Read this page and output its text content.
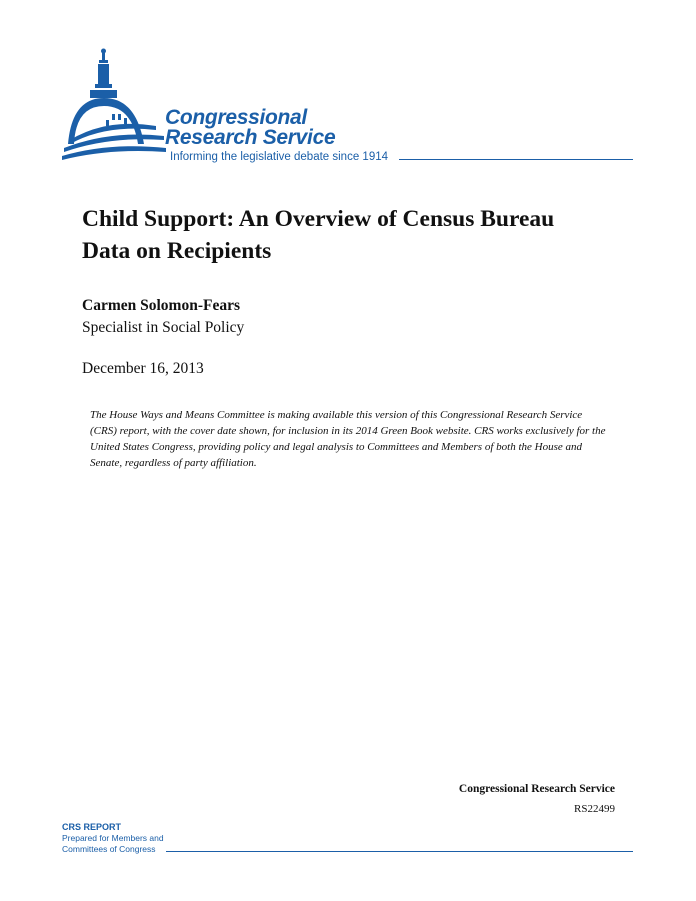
Congressional
Research Service
Informing the legislative debate since 1914
Child Support: An Overview of Census Bureau Data on Recipients
Carmen Solomon-Fears
Specialist in Social Policy
December 16, 2013
The House Ways and Means Committee is making available this version of this Congressional Research Service (CRS) report, with the cover date shown, for inclusion in its 2014 Green Book website. CRS works exclusively for the United States Congress, providing policy and legal analysis to Committees and Members of both the House and Senate, regardless of party affiliation.
Congressional Research Service
RS22499
CRS REPORT
Prepared for Members and
Committees of Congress
